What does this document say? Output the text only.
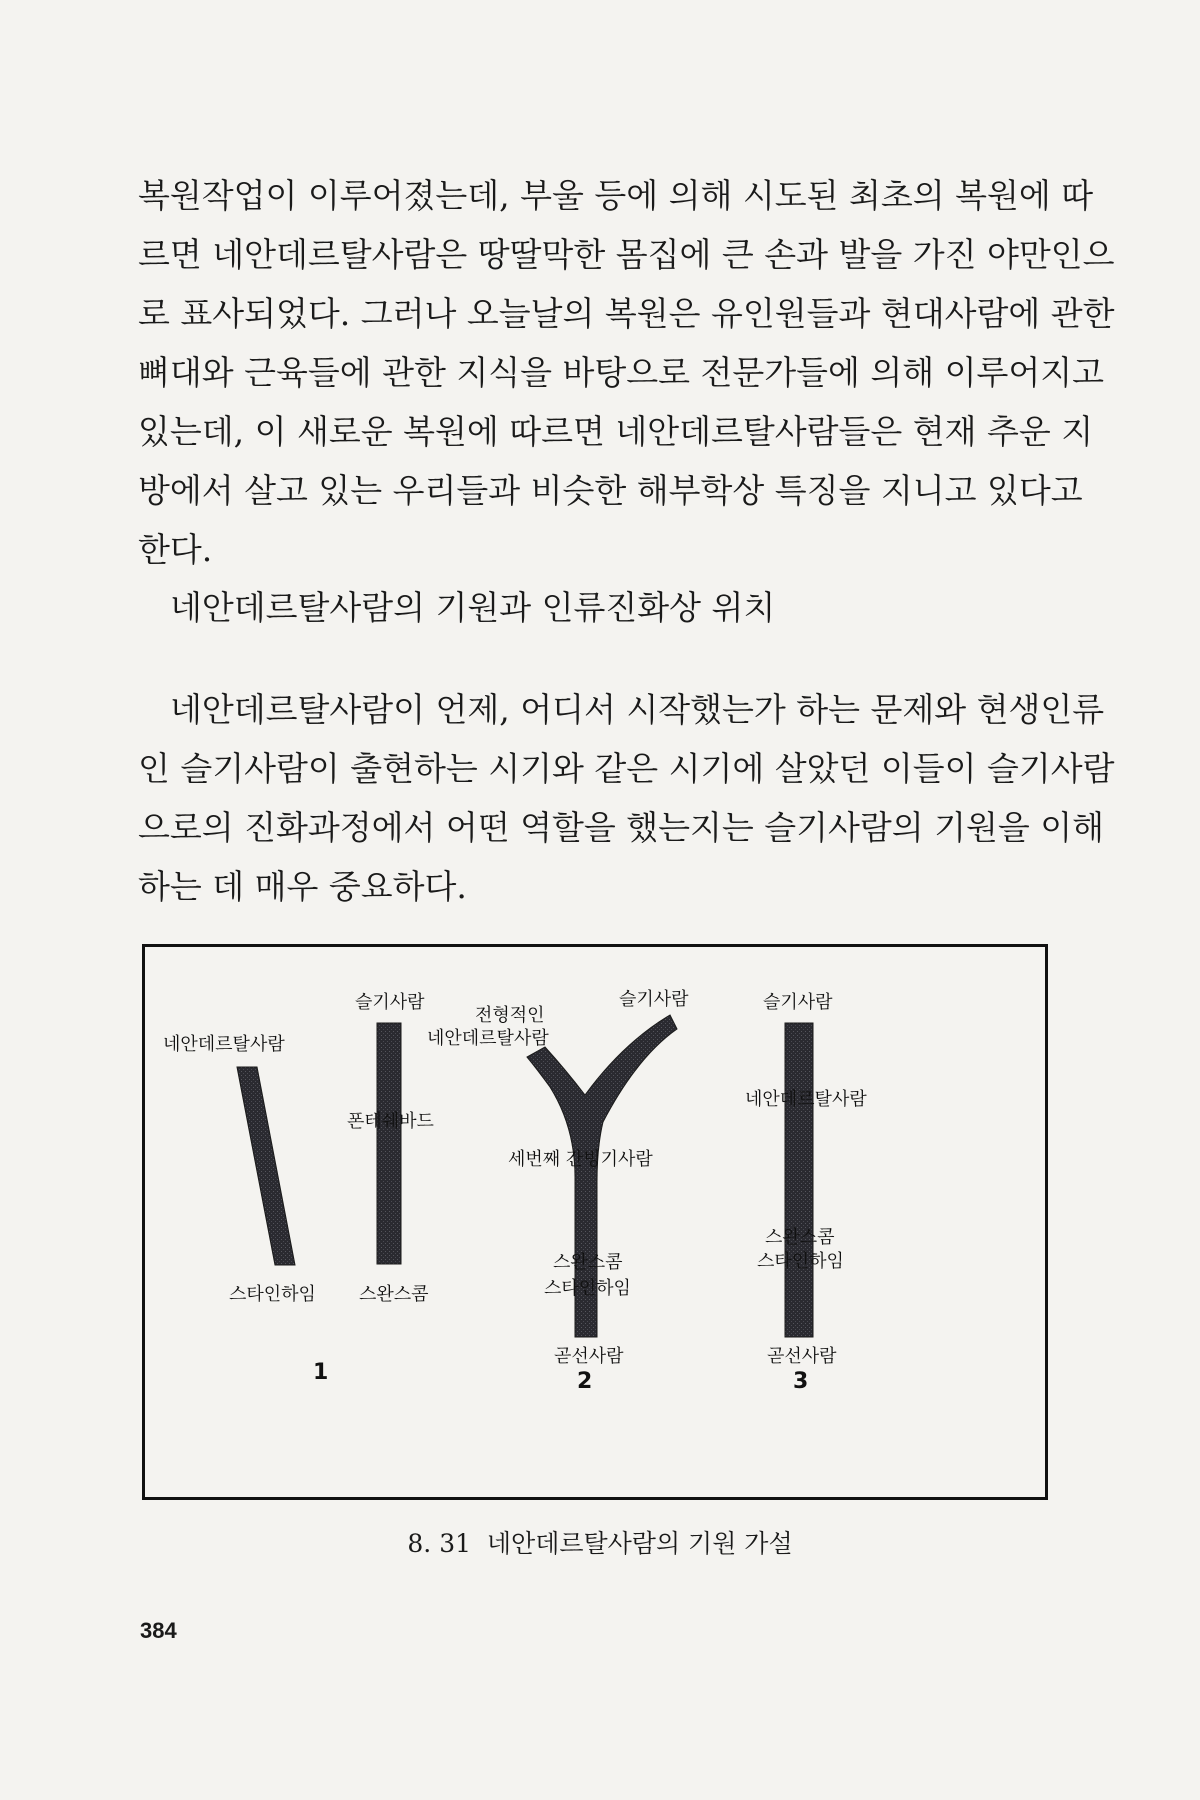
복원작업이 이루어졌는데, 부울 등에 의해 시도된 최초의 복원에 따
르면 네안데르탈사람은 땅딸막한 몸집에 큰 손과 발을 가진 야만인으
로 표사되었다. 그러나 오늘날의 복원은 유인원들과 현대사람에 관한
뼈대와 근육들에 관한 지식을 바탕으로 전문가들에 의해 이루어지고
있는데, 이 새로운 복원에 따르면 네안데르탈사람들은 현재 추운 지
방에서 살고 있는 우리들과 비슷한 해부학상 특징을 지니고 있다고
한다.
네안데르탈사람의 기원과 인류진화상 위치
네안데르탈사람이 언제, 어디서 시작했는가 하는 문제와 현생인류
인 슬기사람이 출현하는 시기와 같은 시기에 살았던 이들이 슬기사람
으로의 진화과정에서 어떤 역할을 했는지는 슬기사람의 기원을 이해
하는 데 매우 중요하다.
네안데르탈사람
스타인하임
1
슬기사람
폰테쉐바드
스완스콤
전형적인
네안데르탈사람
슬기사람
세번째 간빙기사람
스완스콤
스타인하임
곧선사람
2
슬기사람
네안데르탈사람
스완스콤
스타인하임
곧선사람
3

8. 31  네안데르탈사람의 기원 가설

384
